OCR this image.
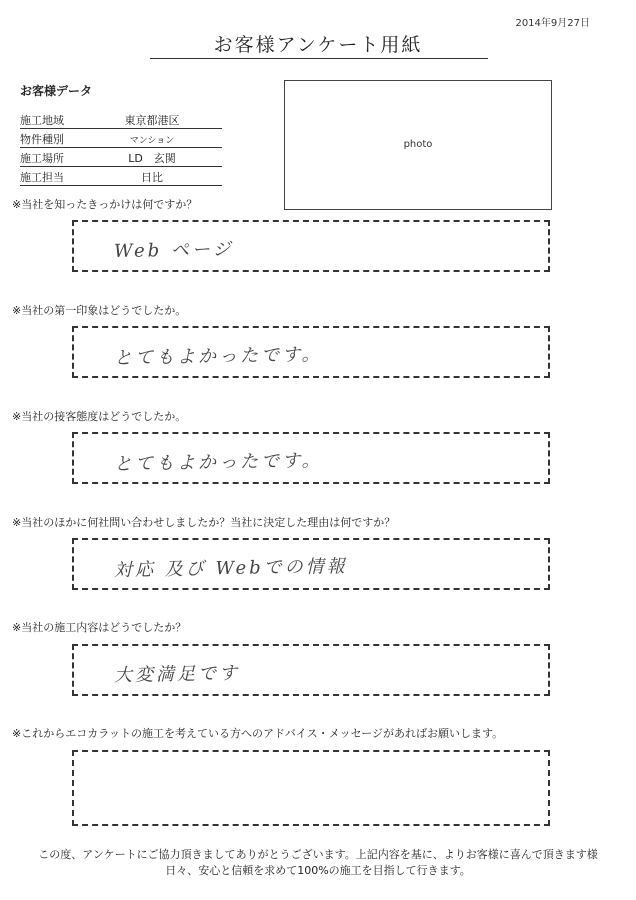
2014年9月27日
お客様アンケート用紙
お客様データ
施工地域	東京都港区
物件種別	マンション
施工場所	LD　玄関
施工担当	日比
photo
※当社を知ったきっかけは何ですか？
Web ページ
※当社の第一印象はどうでしたか。
とてもよかったです。
※当社の接客態度はどうでしたか。
とてもよかったです。
※当社のほかに何社問い合わせしましたか？当社に決定した理由は何ですか？
対応 及び Webでの情報
※当社の施工内容はどうでしたか？
大変満足です
※これからエコカラットの施工を考えている方へのアドバイス・メッセージがあればお願いします。
この度、アンケートにご協力頂きましてありがとうございます。上記内容を基に、よりお客様に喜んで頂きます様
日々、安心と信頼を求めて100%の施工を目指して行きます。
